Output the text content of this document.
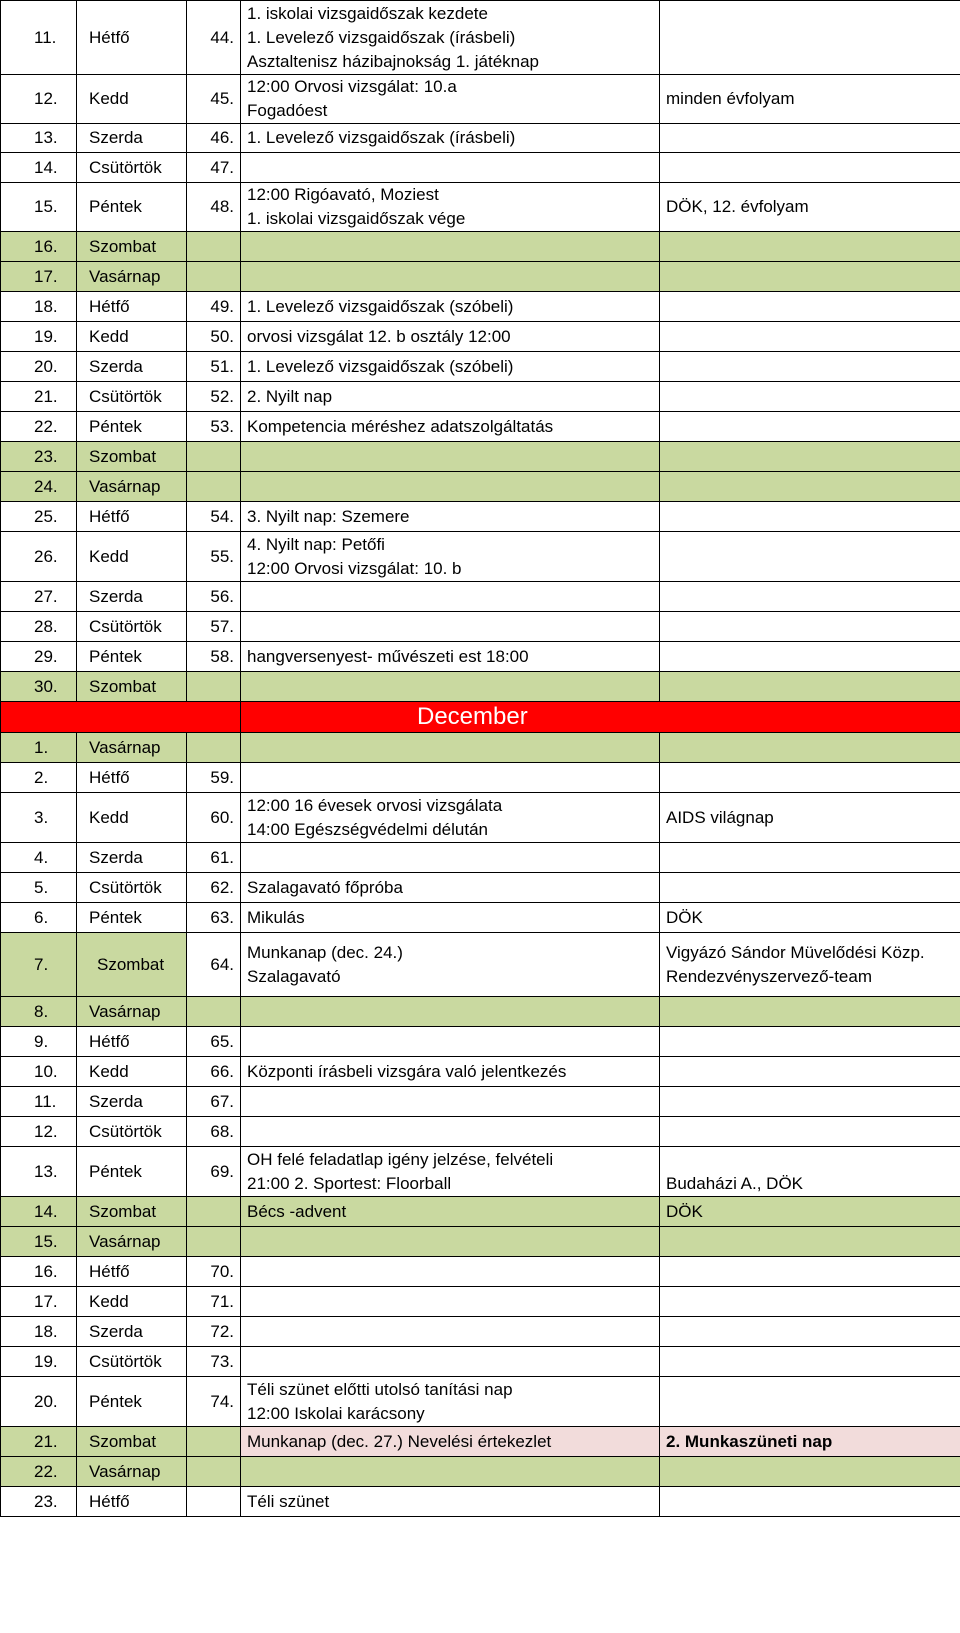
11.	Hétfő	44.	1. iskolai vizsgaidőszak kezdete
1. Levelező vizsgaidőszak (írásbeli)
Asztaltenisz házibajnokság 1. játéknap	

12.	Kedd	45.	12:00 Orvosi vizsgálat: 10.a
Fogadóest	minden évfolyam
13.	Szerda	46.	1. Levelező vizsgaidőszak (írásbeli)	

14.	Csütörtök	47.		
15.	Péntek	48.	12:00 Rigóavató, Moziest
1. iskolai vizsgaidőszak vége	DÖK, 12. évfolyam
16.	Szombat			
17.	Vasárnap			
18.	Hétfő	49.	1. Levelező vizsgaidőszak (szóbeli)	

19.	Kedd	50.	orvosi vizsgálat 12. b osztály 12:00	

20.	Szerda	51.	1. Levelező vizsgaidőszak (szóbeli)	

21.	Csütörtök	52.	2. Nyilt nap	

22.	Péntek	53.	Kompetencia méréshez adatszolgáltatás	

23.	Szombat			
24.	Vasárnap			
25.	Hétfő	54.	3. Nyilt nap: Szemere	

26.	Kedd	55.	4. Nyilt nap: Petőfi
12:00 Orvosi vizsgálat: 10. b	

27.	Szerda	56.		
28.	Csütörtök	57.		
29.	Péntek	58.	hangversenyest- művészeti est 18:00	

30.	Szombat			
			December	
1.	Vasárnap			
2.	Hétfő	59.		
3.	Kedd	60.	12:00 16 évesek orvosi vizsgálata
14:00 Egészségvédelmi délután	AIDS világnap
4.	Szerda	61.		
5.	Csütörtök	62.	Szalagavató főpróba	

6.	Péntek	63.	Mikulás	DÖK
7.	Szombat	64.	Munkanap (dec. 24.)
Szalagavató	Vigyázó Sándor Müvelődési Közp.
Rendezvényszervező-team
8.	Vasárnap			
9.	Hétfő	65.		
10.	Kedd	66.	Központi írásbeli vizsgára való jelentkezés	

11.	Szerda	67.		
12.	Csütörtök	68.		
13.	Péntek	69.	OH felé feladatlap igény jelzése, felvételi
21:00 2. Sportest: Floorball	Budaházi A., DÖK
14.	Szombat		Bécs -advent	DÖK
15.	Vasárnap			
16.	Hétfő	70.		
17.	Kedd	71.		
18.	Szerda	72.		
19.	Csütörtök	73.		
20.	Péntek	74.	Téli szünet előtti utolsó tanítási nap
12:00 Iskolai karácsony	

21.	Szombat		Munkanap (dec. 27.) Nevelési értekezlet	2. Munkaszüneti nap
22.	Vasárnap			
23.	Hétfő		Téli szünet	
